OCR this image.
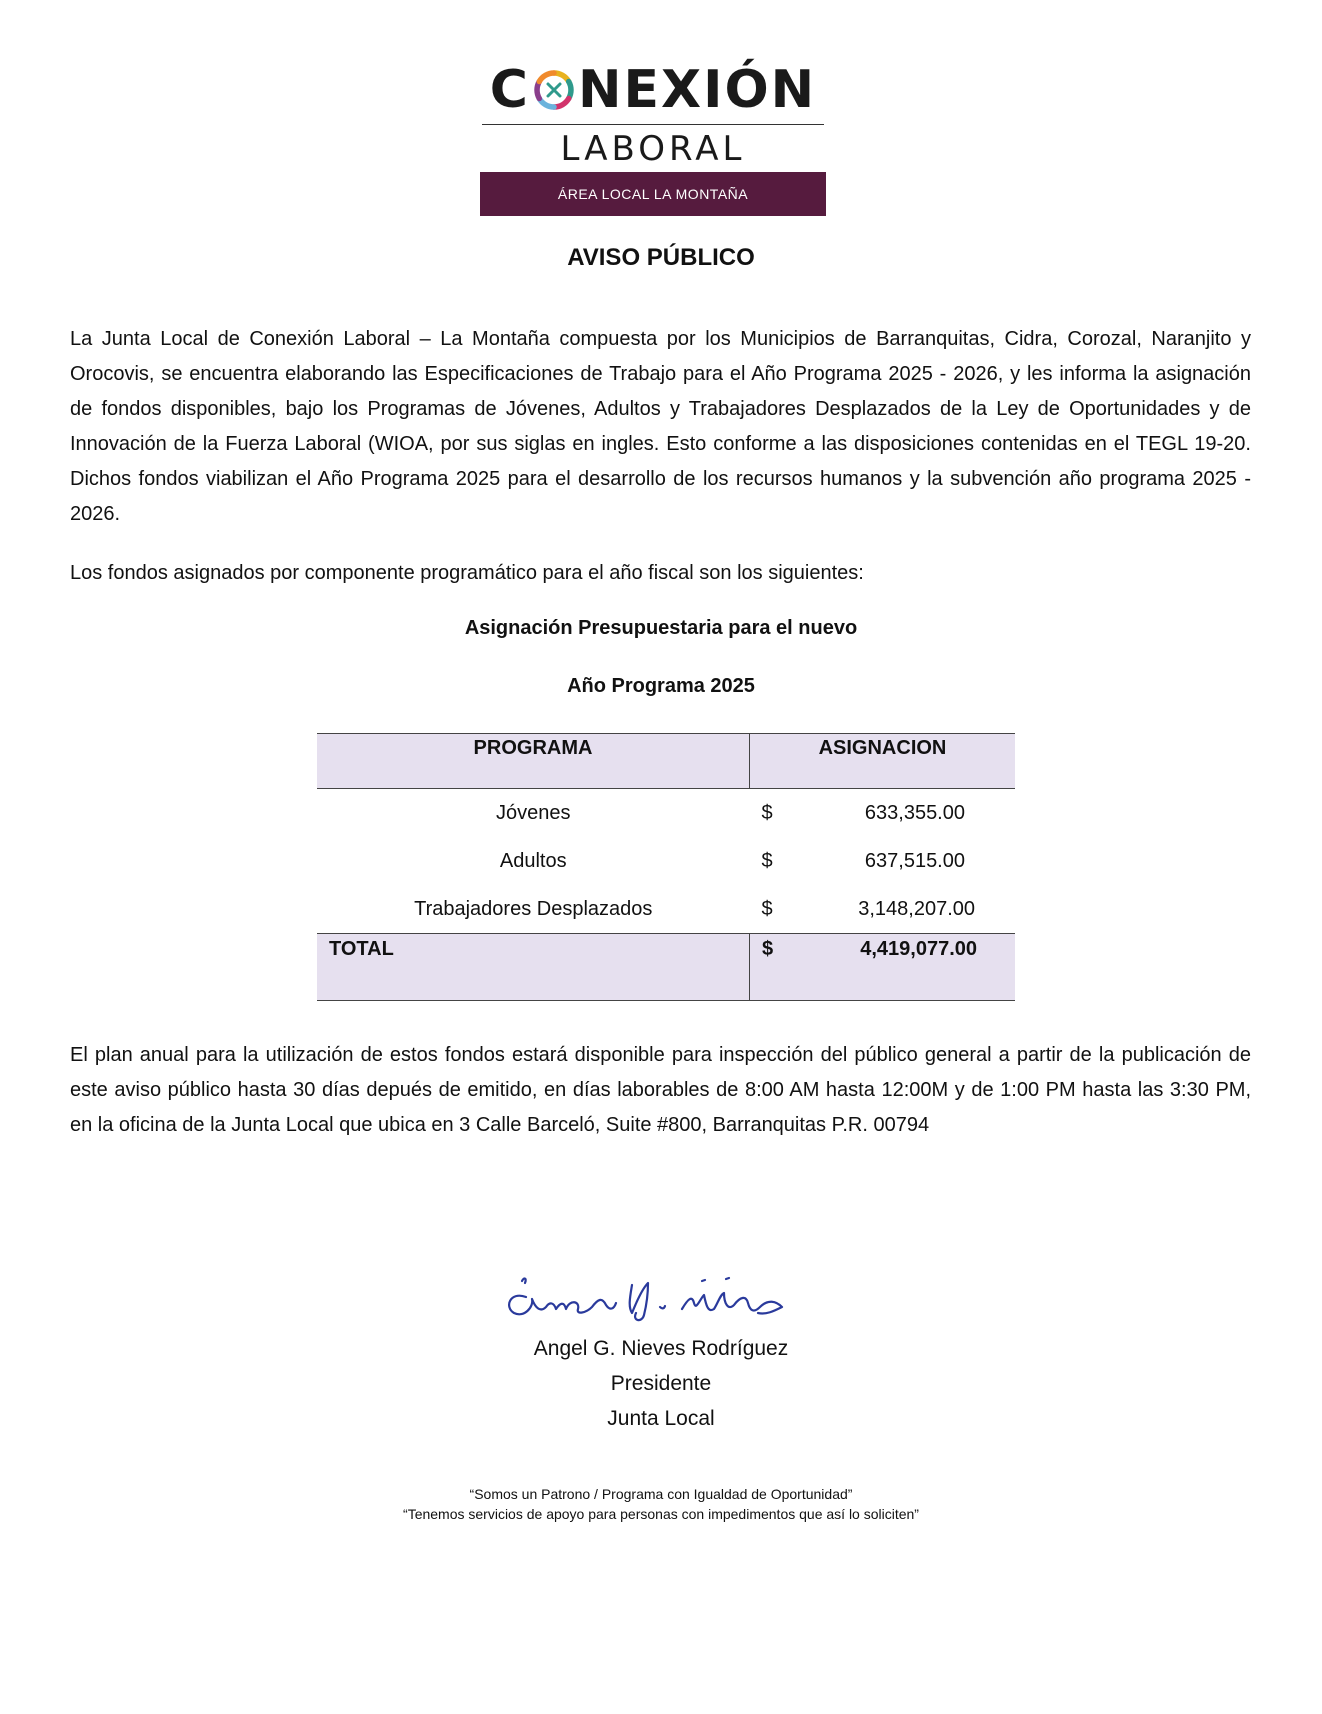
C NEXIÓN
LABORAL
ÁREA LOCAL LA MONTAÑA
AVISO PÚBLICO

La Junta Local de Conexión Laboral – La Montaña compuesta por los Municipios de Barranquitas, Cidra, Corozal, Naranjito y Orocovis, se encuentra elaborando las Especificaciones de Trabajo para el Año Programa 2025 - 2026, y les informa la asignación de fondos disponibles, bajo los Programas de Jóvenes, Adultos y Trabajadores Desplazados de la Ley de Oportunidades y de Innovación de la Fuerza Laboral (WIOA, por sus siglas en ingles. Esto conforme a las disposiciones contenidas en el TEGL 19-20. Dichos fondos viabilizan el Año Programa 2025 para el desarrollo de los recursos humanos y la subvención año programa 2025 - 2026.

Los fondos asignados por componente programático para el año fiscal son los siguientes:

Asignación Presupuestaria para el nuevo
Año Programa 2025
PROGRAMA	ASIGNACION	
Jóvenes	$	633,355.00
Adultos	$	637,515.00
Trabajadores Desplazados	$	3,148,207.00
TOTAL	$	4,419,077.00

El plan anual para la utilización de estos fondos estará disponible para inspección del público general a partir de la publicación de este aviso público hasta 30 días depués de emitido, en días laborables de 8:00 AM hasta 12:00M y de 1:00 PM hasta las 3:30 PM, en la oficina de la Junta Local que ubica en 3 Calle Barceló, Suite #800, Barranquitas P.R. 00794

Angel G. Nieves Rodríguez
Presidente
Junta Local
“Somos un Patrono / Programa con Igualdad de Oportunidad”
“Tenemos servicios de apoyo para personas con impedimentos que así lo soliciten”
